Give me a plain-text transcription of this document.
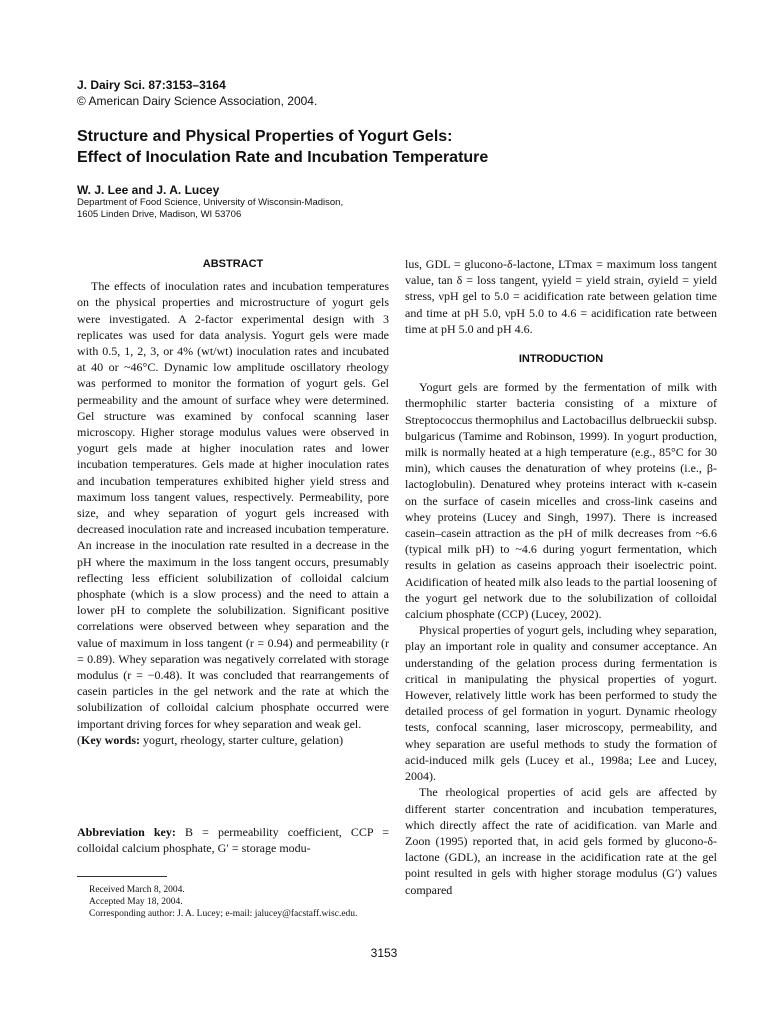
J. Dairy Sci. 87:3153–3164
© American Dairy Science Association, 2004.
Structure and Physical Properties of Yogurt Gels:
Effect of Inoculation Rate and Incubation Temperature
W. J. Lee and J. A. Lucey
Department of Food Science, University of Wisconsin-Madison,
1605 Linden Drive, Madison, WI 53706
ABSTRACT

The effects of inoculation rates and incubation temperatures on the physical properties and microstructure of yogurt gels were investigated. A 2-factor experimental design with 3 replicates was used for data analysis. Yogurt gels were made with 0.5, 1, 2, 3, or 4% (wt/wt) inoculation rates and incubated at 40 or ~46°C. Dynamic low amplitude oscillatory rheology was performed to monitor the formation of yogurt gels. Gel permeability and the amount of surface whey were determined. Gel structure was examined by confocal scanning laser microscopy. Higher storage modulus values were observed in yogurt gels made at higher inoculation rates and lower incubation temperatures. Gels made at higher inoculation rates and incubation temperatures exhibited higher yield stress and maximum loss tangent values, respectively. Permeability, pore size, and whey separation of yogurt gels increased with decreased inoculation rate and increased incubation temperature. An increase in the inoculation rate resulted in a decrease in the pH where the maximum in the loss tangent occurs, presumably reflecting less efficient solubilization of colloidal calcium phosphate (which is a slow process) and the need to attain a lower pH to complete the solubilization. Significant positive correlations were observed between whey separation and the value of maximum in loss tangent (r = 0.94) and permeability (r = 0.89). Whey separation was negatively correlated with storage modulus (r = −0.48). It was concluded that rearrangements of casein particles in the gel network and the rate at which the solubilization of colloidal calcium phosphate occurred were important driving forces for whey separation and weak gel.

(Key words: yogurt, rheology, starter culture, gelation)

Abbreviation key: B = permeability coefficient, CCP = colloidal calcium phosphate, G′ = storage modu-

Received March 8, 2004.

Accepted May 18, 2004.

Corresponding author: J. A. Lucey; e-mail: jalucey@facstaff.wisc.edu.

lus, GDL = glucono-δ-lactone, LTmax = maximum loss tangent value, tan δ = loss tangent, γyield = yield strain, σyield = yield stress, νpH gel to 5.0 = acidification rate between gelation time and time at pH 5.0, νpH 5.0 to 4.6 = acidification rate between time at pH 5.0 and pH 4.6.

INTRODUCTION

Yogurt gels are formed by the fermentation of milk with thermophilic starter bacteria consisting of a mixture of Streptococcus thermophilus and Lactobacillus delbrueckii subsp. bulgaricus (Tamime and Robinson, 1999). In yogurt production, milk is normally heated at a high temperature (e.g., 85°C for 30 min), which causes the denaturation of whey proteins (i.e., β-lactoglobulin). Denatured whey proteins interact with κ-casein on the surface of casein micelles and cross-link caseins and whey proteins (Lucey and Singh, 1997). There is increased casein–casein attraction as the pH of milk decreases from ~6.6 (typical milk pH) to ~4.6 during yogurt fermentation, which results in gelation as caseins approach their isoelectric point. Acidification of heated milk also leads to the partial loosening of the yogurt gel network due to the solubilization of colloidal calcium phosphate (CCP) (Lucey, 2002).

Physical properties of yogurt gels, including whey separation, play an important role in quality and consumer acceptance. An understanding of the gelation process during fermentation is critical in manipulating the physical properties of yogurt. However, relatively little work has been performed to study the detailed process of gel formation in yogurt. Dynamic rheology tests, confocal scanning, laser microscopy, permeability, and whey separation are useful methods to study the formation of acid-induced milk gels (Lucey et al., 1998a; Lee and Lucey, 2004).

The rheological properties of acid gels are affected by different starter concentration and incubation temperatures, which directly affect the rate of acidification. van Marle and Zoon (1995) reported that, in acid gels formed by glucono-δ-lactone (GDL), an increase in the acidification rate at the gel point resulted in gels with higher storage modulus (G′) values compared

3153
